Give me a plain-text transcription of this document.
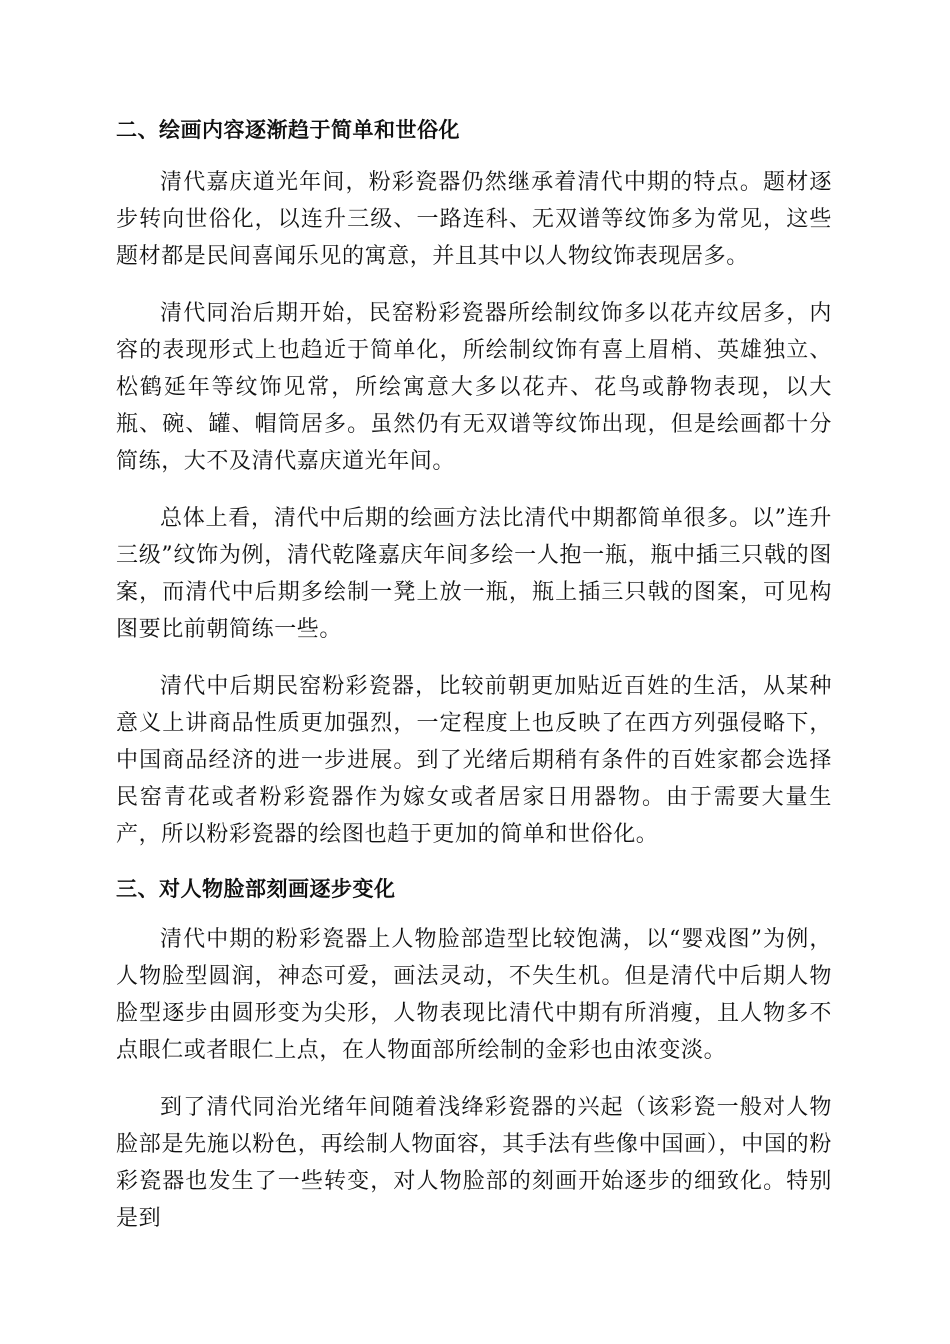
二、绘画内容逐渐趋于简单和世俗化

清代嘉庆道光年间，粉彩瓷器仍然继承着清代中期的特点。题材逐步转向世俗化，以连升三级、一路连科、无双谱等纹饰多为常见，这些题材都是民间喜闻乐见的寓意，并且其中以人物纹饰表现居多。

清代同治后期开始，民窑粉彩瓷器所绘制纹饰多以花卉纹居多，内容的表现形式上也趋近于简单化，所绘制纹饰有喜上眉梢、英雄独立、松鹤延年等纹饰见常，所绘寓意大多以花卉、花鸟或静物表现，以大瓶、碗、罐、帽筒居多。虽然仍有无双谱等纹饰出现，但是绘画都十分简练，大不及清代嘉庆道光年间。

总体上看，清代中后期的绘画方法比清代中期都简单很多。以”连升三级”纹饰为例，清代乾隆嘉庆年间多绘一人抱一瓶，瓶中插三只戟的图案，而清代中后期多绘制一凳上放一瓶，瓶上插三只戟的图案，可见构图要比前朝简练一些。

清代中后期民窑粉彩瓷器，比较前朝更加贴近百姓的生活，从某种意义上讲商品性质更加强烈，一定程度上也反映了在西方列强侵略下，中国商品经济的进一步进展。到了光绪后期稍有条件的百姓家都会选择民窑青花或者粉彩瓷器作为嫁女或者居家日用器物。由于需要大量生产，所以粉彩瓷器的绘图也趋于更加的简单和世俗化。

三、对人物脸部刻画逐步变化

清代中期的粉彩瓷器上人物脸部造型比较饱满，以“婴戏图”为例，人物脸型圆润，神态可爱，画法灵动，不失生机。但是清代中后期人物脸型逐步由圆形变为尖形，人物表现比清代中期有所消瘦，且人物多不点眼仁或者眼仁上点，在人物面部所绘制的金彩也由浓变淡。

到了清代同治光绪年间随着浅绛彩瓷器的兴起（该彩瓷一般对人物脸部是先施以粉色，再绘制人物面容，其手法有些像中国画），中国的粉彩瓷器也发生了一些转变，对人物脸部的刻画开始逐步的细致化。特别是到
